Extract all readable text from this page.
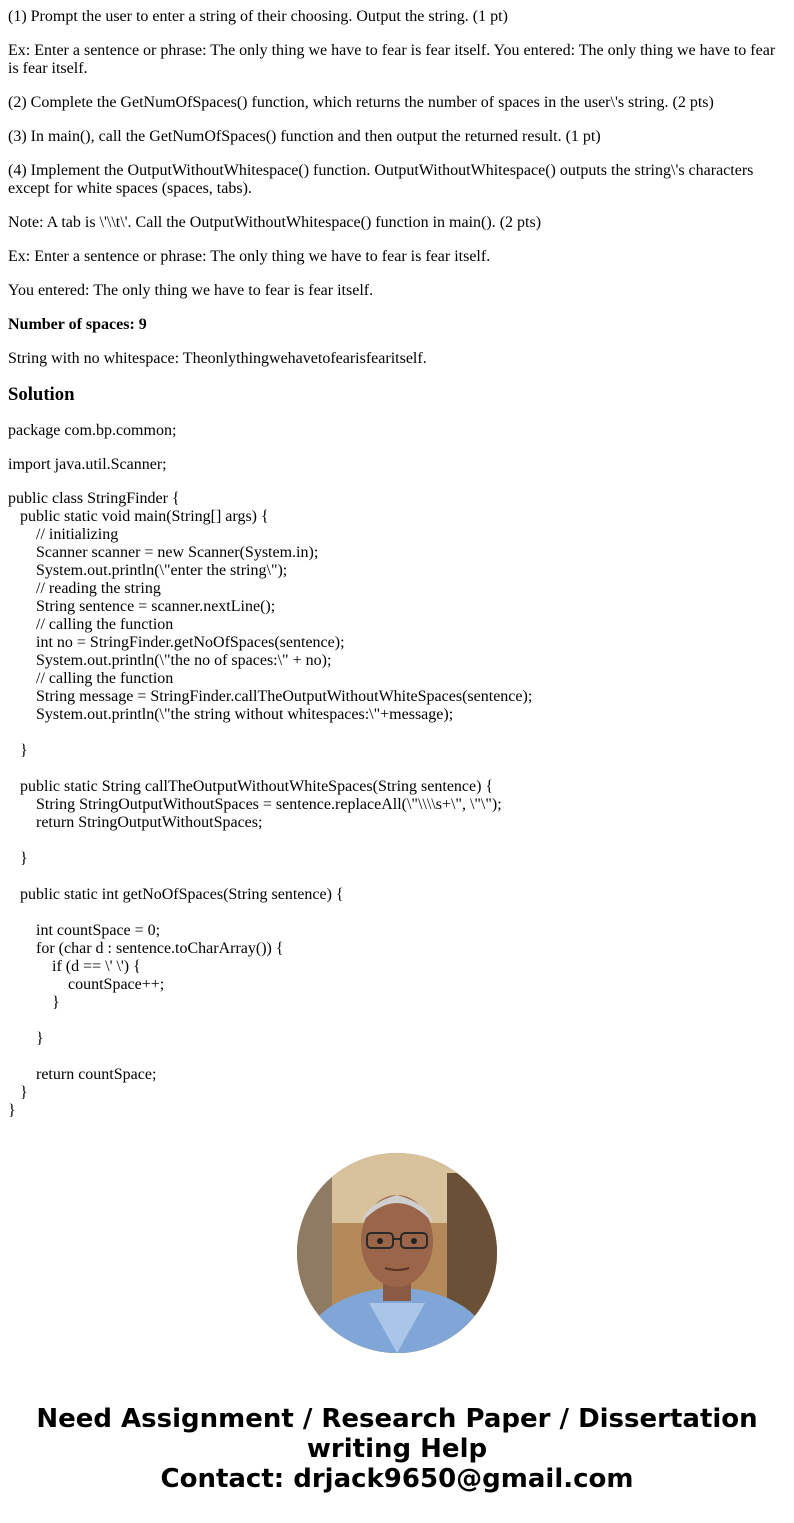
(1) Prompt the user to enter a string of their choosing. Output the string. (1 pt)
Ex: Enter a sentence or phrase: The only thing we have to fear is fear itself. You entered: The only thing we have to fear is fear itself.
(2) Complete the GetNumOfSpaces() function, which returns the number of spaces in the user\'s string. (2 pts)
(3) In main(), call the GetNumOfSpaces() function and then output the returned result. (1 pt)
(4) Implement the OutputWithoutWhitespace() function. OutputWithoutWhitespace() outputs the string\'s characters except for white spaces (spaces, tabs).
Note: A tab is \'\\t\'. Call the OutputWithoutWhitespace() function in main(). (2 pts)
Ex: Enter a sentence or phrase: The only thing we have to fear is fear itself.
You entered: The only thing we have to fear is fear itself.
Number of spaces: 9
String with no whitespace: Theonlythingwehavetofearisfearitself.
Solution
package com.bp.common;
import java.util.Scanner;
public class StringFinder {
public static void main(String[] args) {
// initializing
Scanner scanner = new Scanner(System.in);
System.out.println(\"enter the string\");
// reading the string
String sentence = scanner.nextLine();
// calling the function
int no = StringFinder.getNoOfSpaces(sentence);
System.out.println(\"the no of spaces:\" + no);
// calling the function
String message = StringFinder.callTheOutputWithoutWhiteSpaces(sentence);
System.out.println(\"the string without whitespaces:\"+message);
}
public static String callTheOutputWithoutWhiteSpaces(String sentence) {
String StringOutputWithoutSpaces = sentence.replaceAll(\"\\\\s+\", \"\");
return StringOutputWithoutSpaces;
}
public static int getNoOfSpaces(String sentence) {
int countSpace = 0;
for (char d : sentence.toCharArray()) {
if (d == \' \') {
countSpace++;
}
}
return countSpace;
}
}
Need Assignment / Research Paper / Dissertation
writing Help
Contact: drjack9650@gmail.com
